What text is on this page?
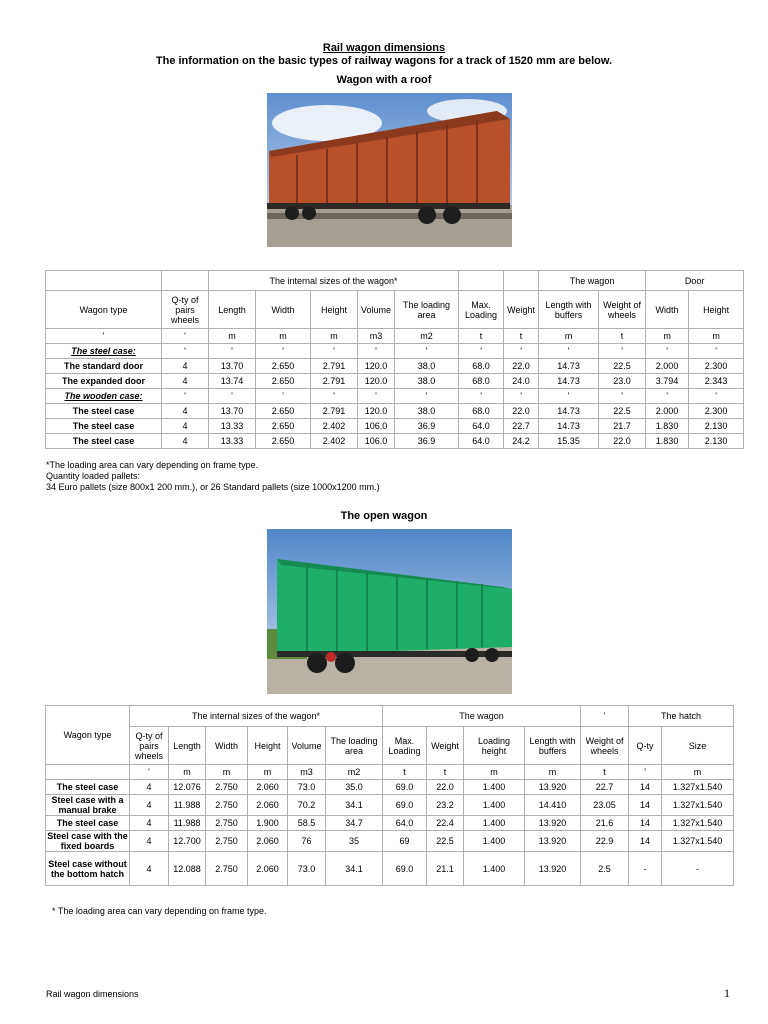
Rail wagon dimensions
The information on the basic types of railway wagons for a track of 1520 mm are below.
Wagon with a roof
		The internal sizes of the wagon*							The wagon		Door	
Wagon type	Q-ty of pairs wheels	Length	Width	Height	Volume	The loading area	Max. Loading	Weight	Length with buffers	Weight of wheels	Width	Height
'	'	m	m	m	m3	m2	t	t	m	t	m	m
The steel case:	'	'	'	'	'	'	'	'	'	'	'	'
The standard door	4	13.70	2.650	2.791	120.0	38.0	68.0	22.0	14.73	22.5	2.000	2.300
The expanded door	4	13.74	2.650	2.791	120.0	38.0	68.0	24.0	14.73	23.0	3.794	2.343
The wooden case:	'	'	'	'	'	'	'	'	'	'	'	'
The steel case	4	13.70	2.650	2.791	120.0	38.0	68.0	22.0	14.73	22.5	2.000	2.300
The steel case	4	13.33	2.650	2.402	106.0	36.9	64.0	22.7	14.73	21.7	1.830	2.130
The steel case	4	13.33	2.650	2.402	106.0	36.9	64.0	24.2	15.35	22.0	1.830	2.130
*The loading area can vary depending on frame type.
Quantity loaded pallets:
34 Euro pallets (size 800x1 200 mm.), or 26 Standard pallets (size 1000x1200 mm.)
The open wagon
Wagon type	The internal sizes of the wagon*						The wagon				'	The hatch	
	Q-ty of pairs wheels	Length	Width	Height	Volume	The loading area	Max. Loading	Weight	Loading height	Length with buffers	Weight of wheels	Q-ty	Size
	'	m	m	m	m3	m2	t	t	m	m	t	'	m
The steel case	4	12.076	2.750	2.060	73.0	35.0	69.0	22.0	1.400	13.920	22.7	14	1.327x1.540
Steel case with a manual brake	4	11.988	2.750	2.060	70.2	34.1	69.0	23.2	1.400	14.410	23.05	14	1.327x1.540
The steel case	4	11.988	2.750	1.900	58.5	34.7	64.0	22.4	1.400	13.920	21.6	14	1.327x1.540
Steel case with the fixed boards	4	12.700	2.750	2.060	76	35	69	22.5	1.400	13.920	22.9	14	1.327x1.540
Steel case without the bottom hatch	4	12.088	2.750	2.060	73.0	34.1	69.0	21.1	1.400	13.920	2.5	-	-
* The loading area can vary depending on frame type.
Rail wagon dimensions	1
